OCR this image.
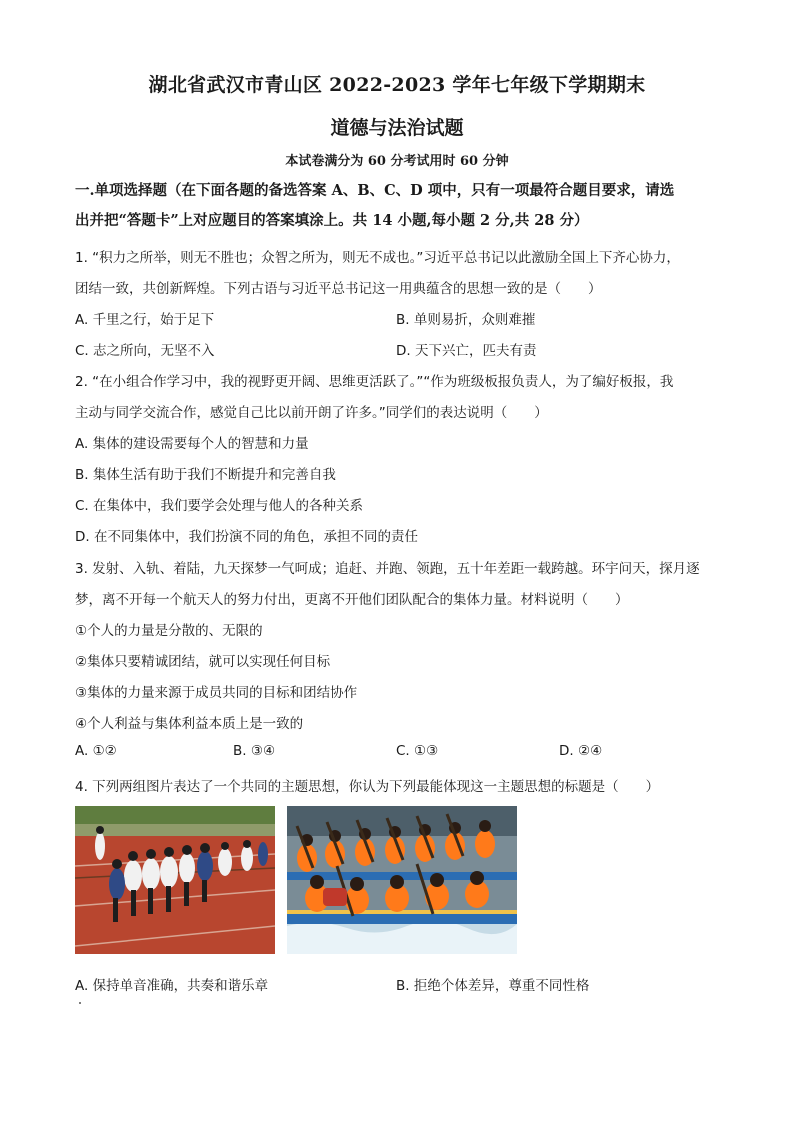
湖北省武汉市青山区 2022-2023 学年七年级下学期期末
道德与法治试题
本试卷满分为 60 分考试用时 60 分钟
一.单项选择题（在下面各题的备选答案 A、B、C、D 项中，只有一项最符合题目要求，请选
出并把“答题卡”上对应题目的答案填涂上。共 14 小题,每小题 2 分,共 28 分）
1. “积力之所举，则无不胜也；众智之所为，则无不成也。”习近平总书记以此激励全国上下齐心协力，
团结一致，共创新辉煌。下列古语与习近平总书记这一用典蕴含的思想一致的是（　　）
A. 千里之行，始于足下	B. 单则易折，众则难摧
C. 志之所向，无坚不入	D. 天下兴亡，匹夫有责
2. “在小组合作学习中，我的视野更开阔、思维更活跃了。”“作为班级板报负责人，为了编好板报，我
主动与同学交流合作，感觉自己比以前开朗了许多。”同学们的表达说明（　　）
A. 集体的建设需要每个人的智慧和力量
B. 集体生活有助于我们不断提升和完善自我
C. 在集体中，我们要学会处理与他人的各种关系
D. 在不同集体中，我们扮演不同的角色，承担不同的责任
3. 发射、入轨、着陆，九天探梦一气呵成；追赶、并跑、领跑，五十年差距一载跨越。环宇问天，探月逐
梦，离不开每一个航天人的努力付出，更离不开他们团队配合的集体力量。材料说明（　　）
①个人的力量是分散的、无限的
②集体只要精诚团结，就可以实现任何目标
③集体的力量来源于成员共同的目标和团结协作
④个人利益与集体利益本质上是一致的
A. ①②	B. ③④	C. ①③	D. ②④
4. 下列两组图片表达了一个共同的主题思想，你认为下列最能体现这一主题思想的标题是（　　）
A. 保持单音准确，共奏和谐乐章	B. 拒绝个体差异，尊重不同性格
